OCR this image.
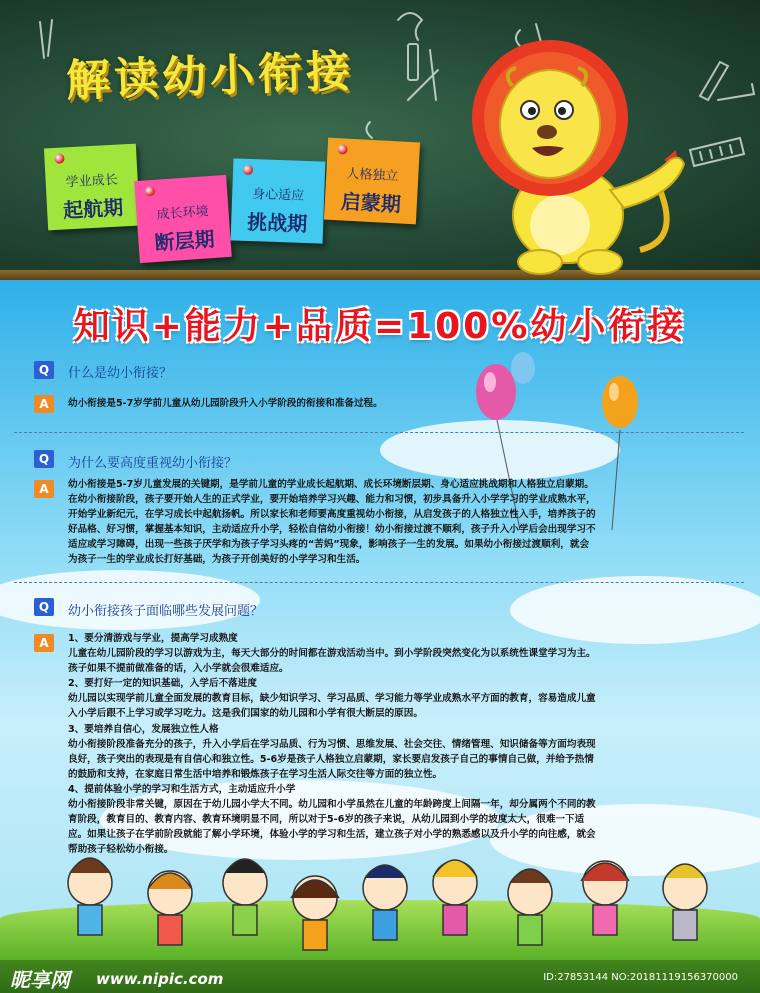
解读幼小衔接
学业成长
起航期	成长环境
断层期
身心适应
挑战期
人格独立
启蒙期
知识+能力+品质=100%幼小衔接
Q	什么是幼小衔接？
A	幼小衔接是5-7岁学前儿童从幼儿园阶段升入小学阶段的衔接和准备过程。

Q	为什么要高度重视幼小衔接？
A	幼小衔接是5-7岁儿童发展的关键期，是学前儿童的学业成长起航期、成长环境断层期、身心适应挑战期和人格独立启蒙期。

在幼小衔接阶段，孩子要开始人生的正式学业，要开始培养学习兴趣、能力和习惯，初步具备升入小学学习的学业成熟水平，

开始学业新纪元，在学习成长中起航扬帆。所以家长和老师要高度重视幼小衔接，从启发孩子的人格独立性入手，培养孩子的

好品格、好习惯，掌握基本知识，主动适应升小学，轻松自信幼小衔接！幼小衔接过渡不顺利，孩子升入小学后会出现学习不

适应或学习障碍，出现一些孩子厌学和为孩子学习头疼的“苦妈”现象，影响孩子一生的发展。如果幼小衔接过渡顺利，就会

为孩子一生的学业成长打好基础，为孩子开创美好的小学学习和生活。

Q	幼小衔接孩子面临哪些发展问题？
A	1、要分清游戏与学业，提高学习成熟度

儿童在幼儿园阶段的学习以游戏为主，每天大部分的时间都在游戏活动当中。到小学阶段突然变化为以系统性课堂学习为主。

孩子如果不提前做准备的话，入小学就会很难适应。

2、要打好一定的知识基础，入学后不落进度

幼儿园以实现学前儿童全面发展的教育目标，缺少知识学习、学习品质、学习能力等学业成熟水平方面的教育，容易造成儿童

入小学后跟不上学习或学习吃力。这是我们国家的幼儿园和小学有很大断层的原因。

3、要培养自信心，发展独立性人格

幼小衔接阶段准备充分的孩子，升入小学后在学习品质、行为习惯、思维发展、社会交往、情绪管理、知识储备等方面均表现

良好，孩子突出的表现是有自信心和独立性。5-6岁是孩子人格独立启蒙期，家长要启发孩子自己的事情自己做，并给予热情

的鼓励和支持，在家庭日常生活中培养和锻炼孩子在学习生活人际交往等方面的独立性。

4、提前体验小学的学习和生活方式，主动适应升小学

幼小衔接阶段非常关键，原因在于幼儿园小学大不同。幼儿园和小学虽然在儿童的年龄跨度上间隔一年，却分属两个不同的教

育阶段，教育目的、教育内容、教育环境明显不同，所以对于5-6岁的孩子来说，从幼儿园到小学的坡度太大，很难一下适

应。如果让孩子在学前阶段就能了解小学环境，体验小学的学习和生活，建立孩子对小学的熟悉感以及升小学的向往感，就会

帮助孩子轻松幼小衔接。

昵享网 www.nipic.com	ID:27853144 NO:20181119156370000
